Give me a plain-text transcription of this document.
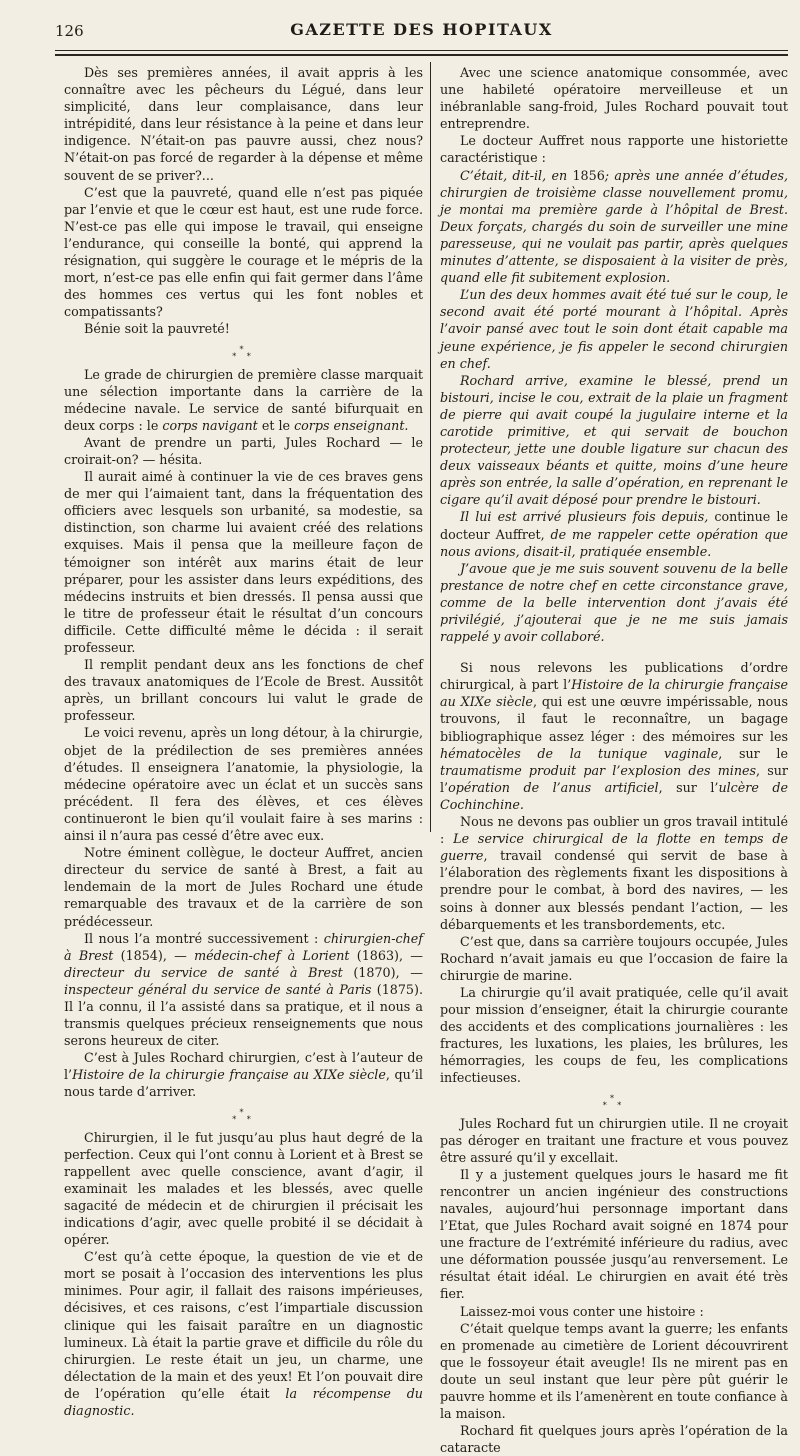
126	GAZETTE DES HOPITAUX

Dès ses premières années, il avait appris à les connaître avec les pêcheurs du Légué, dans leur simplicité, dans leur complaisance, dans leur intrépidité, dans leur résistance à la peine et dans leur indigence. N’était-on pas pauvre aussi, chez nous? N’était-on pas forcé de regarder à la dépense et même souvent de se priver?...

C’est que la pauvreté, quand elle n’est pas piquée par l’envie et que le cœur est haut, est une rude force. N’est-ce pas elle qui impose le travail, qui enseigne l’endurance, qui conseille la bonté, qui apprend la résignation, qui suggère le courage et le mépris de la mort, n’est-ce pas elle enfin qui fait germer dans l’âme des hommes ces vertus qui les font nobles et compatissants?

Bénie soit la pauvreté!

*
* *

Le grade de chirurgien de première classe marquait une sélection importante dans la carrière de la médecine navale. Le service de santé bifurquait en deux corps : le corps navigant et le corps enseignant.

Avant de prendre un parti, Jules Rochard — le croirait-on? — hésita.

Il aurait aimé à continuer la vie de ces braves gens de mer qui l’aimaient tant, dans la fréquentation des officiers avec lesquels son urbanité, sa modestie, sa distinction, son charme lui avaient créé des relations exquises. Mais il pensa que la meilleure façon de témoigner son intérêt aux marins était de leur préparer, pour les assister dans leurs expéditions, des médecins instruits et bien dressés. Il pensa aussi que le titre de professeur était le résultat d’un concours difficile. Cette difficulté même le décida : il serait professeur.

Il remplit pendant deux ans les fonctions de chef des travaux anatomiques de l’Ecole de Brest. Aussitôt après, un brillant concours lui valut le grade de professeur.

Le voici revenu, après un long détour, à la chirurgie, objet de la prédilection de ses premières années d’études. Il enseignera l’anatomie, la physiologie, la médecine opératoire avec un éclat et un succès sans précédent. Il fera des élèves, et ces élèves continueront le bien qu’il voulait faire à ses marins : ainsi il n’aura pas cessé d’être avec eux.

Notre éminent collègue, le docteur Auffret, ancien directeur du service de santé à Brest, a fait au lendemain de la mort de Jules Rochard une étude remarquable des travaux et de la carrière de son prédécesseur.

Il nous l’a montré successivement : chirurgien-chef à Brest (1854), — médecin-chef à Lorient (1863), — directeur du service de santé à Brest (1870), — inspecteur général du service de santé à Paris (1875). Il l’a connu, il l’a assisté dans sa pratique, et il nous a transmis quelques précieux renseignements que nous serons heureux de citer.

C’est à Jules Rochard chirurgien, c’est à l’auteur de l’Histoire de la chirurgie française au XIXe siècle, qu’il nous tarde d’arriver.

*
* *

Chirurgien, il le fut jusqu’au plus haut degré de la perfection. Ceux qui l’ont connu à Lorient et à Brest se rappellent avec quelle conscience, avant d’agir, il examinait les malades et les blessés, avec quelle sagacité de médecin et de chirurgien il précisait les indications d’agir, avec quelle probité il se décidait à opérer.

C’est qu’à cette époque, la question de vie et de mort se posait à l’occasion des interventions les plus minimes. Pour agir, il fallait des raisons impérieuses, décisives, et ces raisons, c’est l’impartiale discussion clinique qui les faisait paraître en un diagnostic lumineux. Là était la partie grave et difficile du rôle du chirurgien. Le reste était un jeu, un charme, une délectation de la main et des yeux! Et l’on pouvait dire de l’opération qu’elle était la récompense du diagnostic.

Avec une science anatomique consommée, avec une habileté opératoire merveilleuse et un inébranlable sang-froid, Jules Rochard pouvait tout entreprendre.

Le docteur Auffret nous rapporte une historiette caractéristique :

C’était, dit-il, en 1856; après une année d’études, chirurgien de troisième classe nouvellement promu, je montai ma première garde à l’hôpital de Brest. Deux forçats, chargés du soin de surveiller une mine paresseuse, qui ne voulait pas partir, après quelques minutes d’attente, se disposaient à la visiter de près, quand elle fit subitement explosion.

L’un des deux hommes avait été tué sur le coup, le second avait été porté mourant à l’hôpital. Après l’avoir pansé avec tout le soin dont était capable ma jeune expérience, je fis appeler le second chirurgien en chef.

Rochard arrive, examine le blessé, prend un bistouri, incise le cou, extrait de la plaie un fragment de pierre qui avait coupé la jugulaire interne et la carotide primitive, et qui servait de bouchon protecteur, jette une double ligature sur chacun des deux vaisseaux béants et quitte, moins d’une heure après son entrée, la salle d’opération, en reprenant le cigare qu’il avait déposé pour prendre le bistouri.

Il lui est arrivé plusieurs fois depuis, continue le docteur Auffret, de me rappeler cette opération que nous avions, disait-il, pratiquée ensemble.

J’avoue que je me suis souvent souvenu de la belle prestance de notre chef en cette circonstance grave, comme de la belle intervention dont j’avais été privilégié, j’ajouterai que je ne me suis jamais rappelé y avoir collaboré.

Si nous relevons les publications d’ordre chirurgical, à part l’Histoire de la chirurgie française au XIXe siècle, qui est une œuvre impérissable, nous trouvons, il faut le reconnaître, un bagage bibliographique assez léger : des mémoires sur les hématocèles de la tunique vaginale, sur le traumatisme produit par l’explosion des mines, sur l’opération de l’anus artificiel, sur l’ulcère de Cochinchine.

Nous ne devons pas oublier un gros travail intitulé : Le service chirurgical de la flotte en temps de guerre, travail condensé qui servit de base à l’élaboration des règlements fixant les dispositions à prendre pour le combat, à bord des navires, — les soins à donner aux blessés pendant l’action, — les débarquements et les transbordements, etc.

C’est que, dans sa carrière toujours occupée, Jules Rochard n’avait jamais eu que l’occasion de faire la chirurgie de marine.

La chirurgie qu’il avait pratiquée, celle qu’il avait pour mission d’enseigner, était la chirurgie courante des accidents et des complications journalières : les fractures, les luxations, les plaies, les brûlures, les hémorragies, les coups de feu, les complications infectieuses.

*
* *

Jules Rochard fut un chirurgien utile. Il ne croyait pas déroger en traitant une fracture et vous pouvez être assuré qu’il y excellait.

Il y a justement quelques jours le hasard me fit rencontrer un ancien ingénieur des constructions navales, aujourd’hui personnage important dans l’Etat, que Jules Rochard avait soigné en 1874 pour une fracture de l’extrémité inférieure du radius, avec une déformation poussée jusqu’au renversement. Le résultat était idéal. Le chirurgien en avait été très fier.

Laissez-moi vous conter une histoire :

C’était quelque temps avant la guerre; les enfants en promenade au cimetière de Lorient découvrirent que le fossoyeur était aveugle! Ils ne mirent pas en doute un seul instant que leur père pût guérir le pauvre homme et ils l’amenèrent en toute confiance à la maison.

Rochard fit quelques jours après l’opération de la cataracte
